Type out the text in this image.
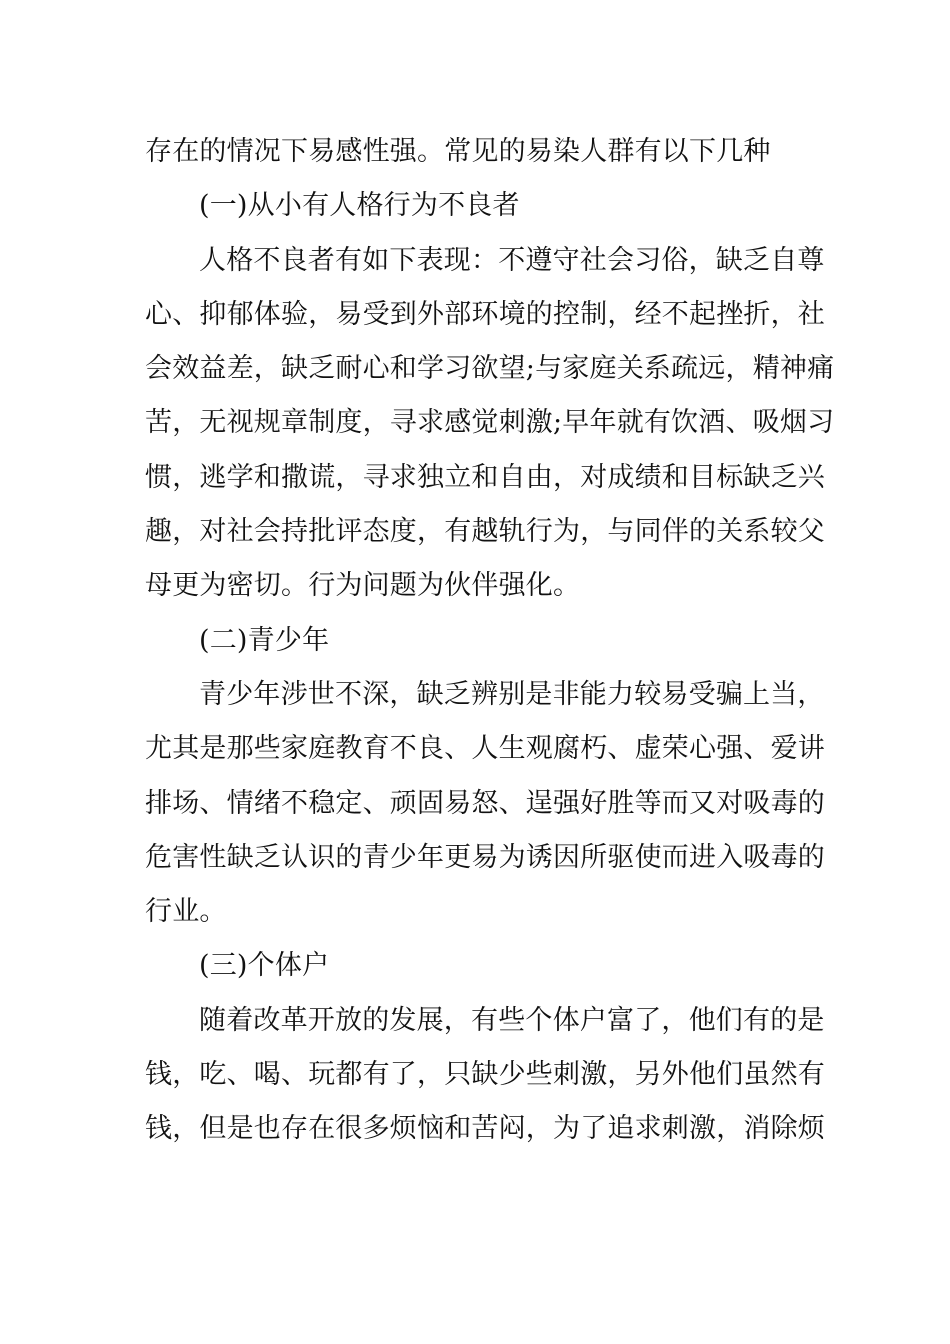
存在的情况下易感性强。常见的易染人群有以下几种
(一)从小有人格行为不良者
人格不良者有如下表现：不遵守社会习俗，缺乏自尊
心、抑郁体验，易受到外部环境的控制，经不起挫折，社
会效益差，缺乏耐心和学习欲望;与家庭关系疏远，精神痛
苦，无视规章制度，寻求感觉刺激;早年就有饮酒、吸烟习
惯，逃学和撒谎，寻求独立和自由，对成绩和目标缺乏兴
趣，对社会持批评态度，有越轨行为，与同伴的关系较父
母更为密切。行为问题为伙伴强化。
(二)青少年
青少年涉世不深，缺乏辨别是非能力较易受骗上当，
尤其是那些家庭教育不良、人生观腐朽、虚荣心强、爱讲
排场、情绪不稳定、顽固易怒、逞强好胜等而又对吸毒的
危害性缺乏认识的青少年更易为诱因所驱使而进入吸毒的
行业。
(三)个体户
随着改革开放的发展，有些个体户富了，他们有的是
钱，吃、喝、玩都有了，只缺少些刺激，另外他们虽然有
钱，但是也存在很多烦恼和苦闷，为了追求刺激，消除烦
